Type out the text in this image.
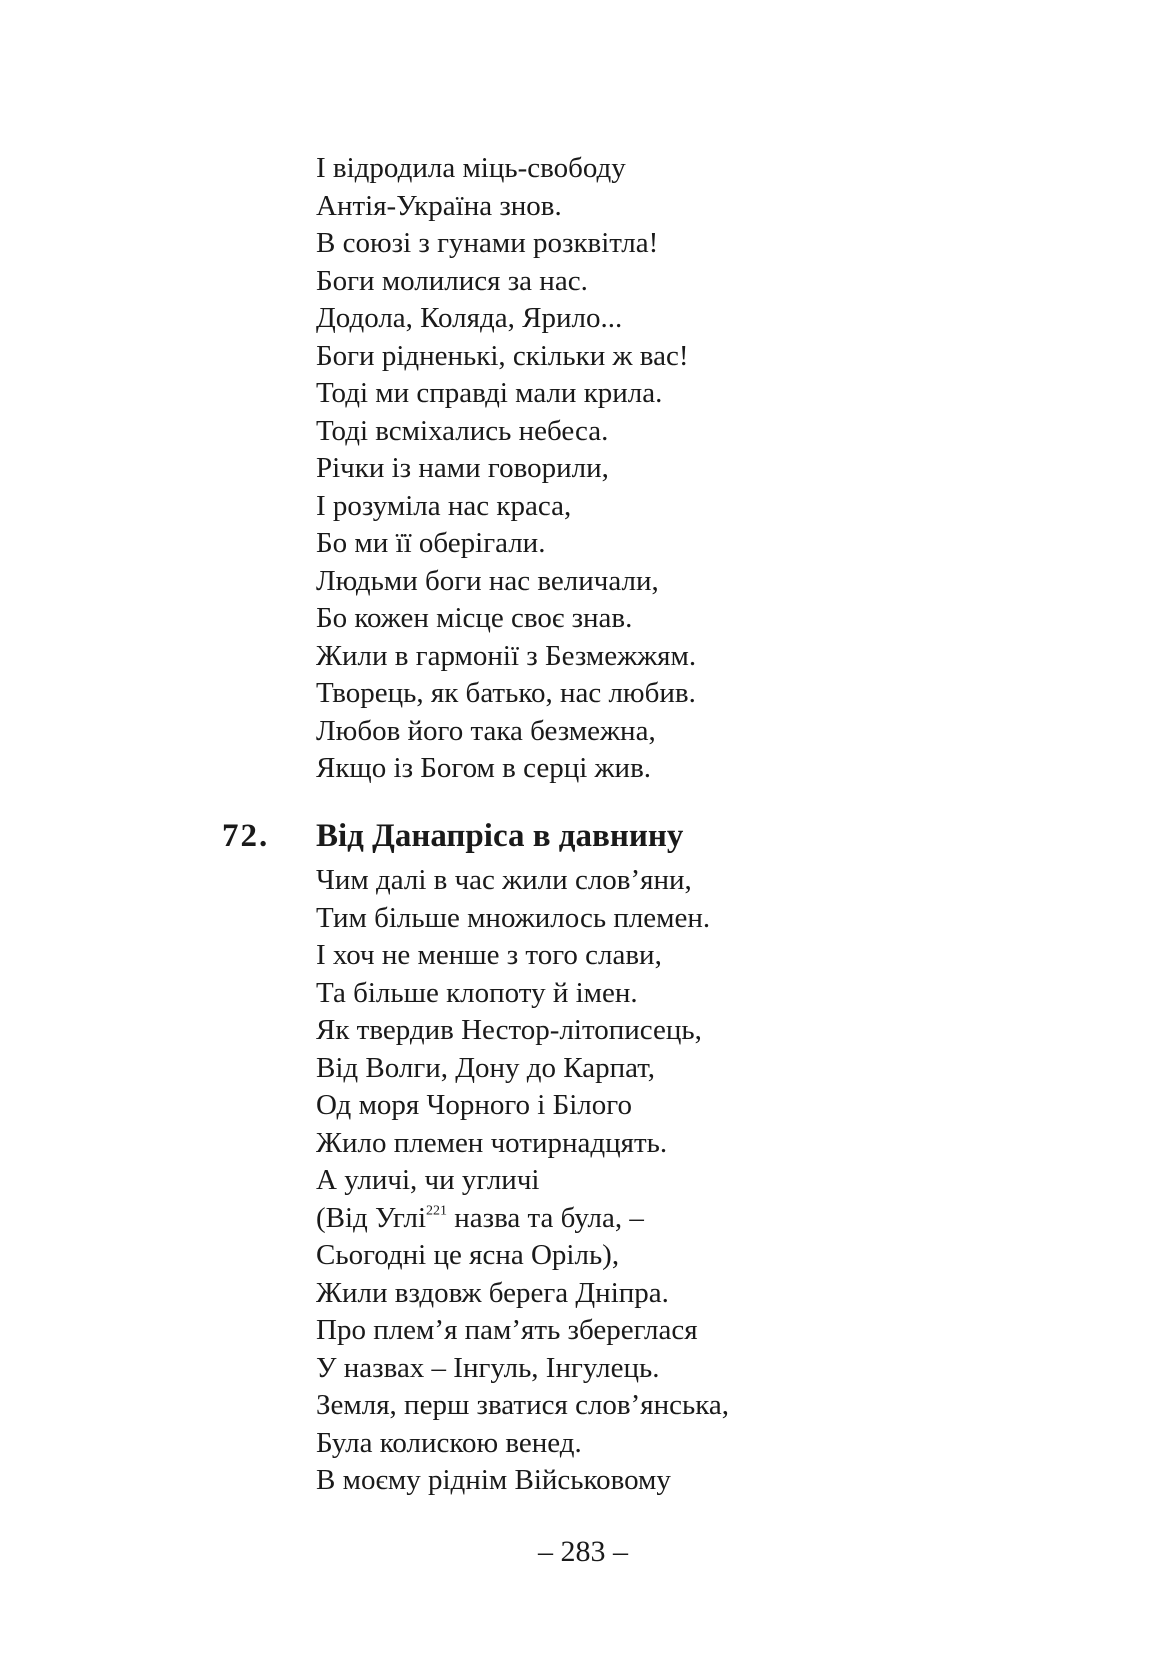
І відродила міць-свободу
Антія-Україна знов.
В союзі з гунами розквітла!
Боги молилися за нас.
Додола, Коляда, Ярило...
Боги рідненькі, скільки ж вас!
Тоді ми справді мали крила.
Тоді всміхались небеса.
Річки із нами говорили,
І розуміла нас краса,
Бо ми її оберігали.
Людьми боги нас величали,
Бо кожен місце своє знав.
Жили в гармонії з Безмежжям.
Творець, як батько, нас любив.
Любов його така безмежна,
Якщо із Богом в серці жив.
72. Від Данапріса в давнину
Чим далі в час жили слов’яни,
Тим більше множилось племен.
І хоч не менше з того слави,
Та більше клопоту й імен.
Як твердив Нестор-літописець,
Від Волги, Дону до Карпат,
Од моря Чорного і Білого
Жило племен чотирнадцять.
А уличі, чи угличі
(Від Углі$^{221}$ назва та була, –
Сьогодні це ясна Оріль),
Жили вздовж берега Дніпра.
Про плем’я пам’ять збереглася
У назвах – Інгуль, Інгулець.
Земля, перш зватися слов’янська,
Була колискою венед.
В моєму ріднім Військовому
– 283 –
